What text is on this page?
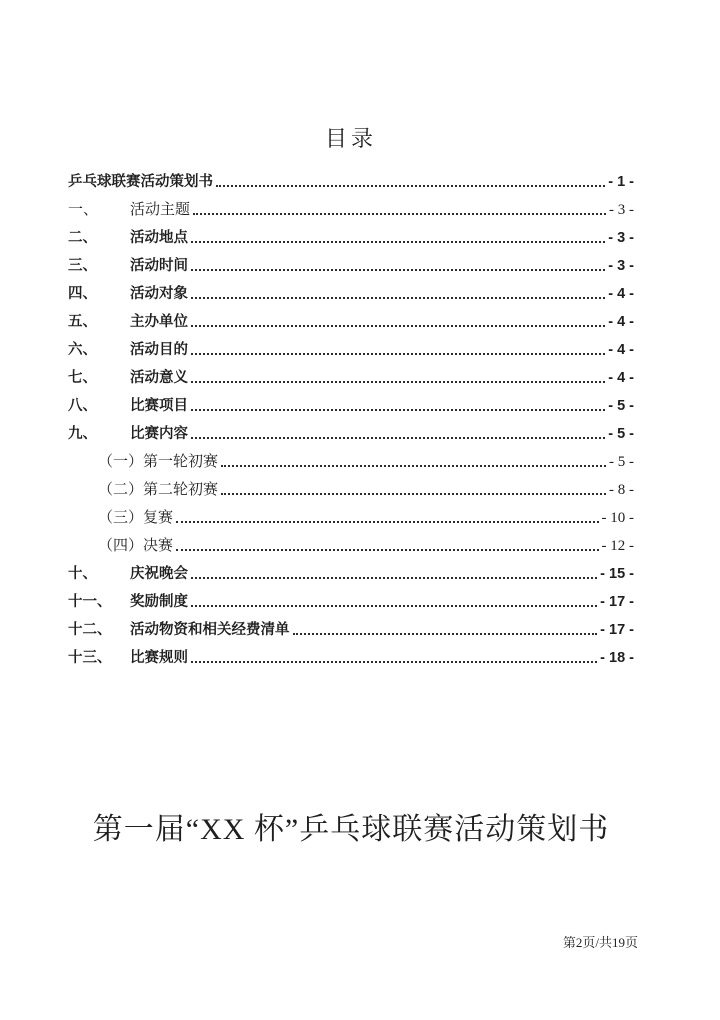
目录
乒乓球联赛活动策划书	- 1 -
一、	活动主题	- 3 -
二、	活动地点	- 3 -
三、	活动时间	- 3 -
四、	活动对象	- 4 -
五、	主办单位	- 4 -
六、	活动目的	- 4 -
七、	活动意义	- 4 -
八、	比赛项目	- 5 -
九、	比赛内容	- 5 -
（一）第一轮初赛	- 5 -
（二）第二轮初赛	- 8 -
（三）复赛	- 10 -
（四）决赛	- 12 -
十、	庆祝晚会	- 15 -
十一、	奖励制度	- 17 -
十二、	活动物资和相关经费清单	- 17 -
十三、	比赛规则	- 18 -
第一届“XX 杯”乒乓球联赛活动策划书
第2页/共19页
